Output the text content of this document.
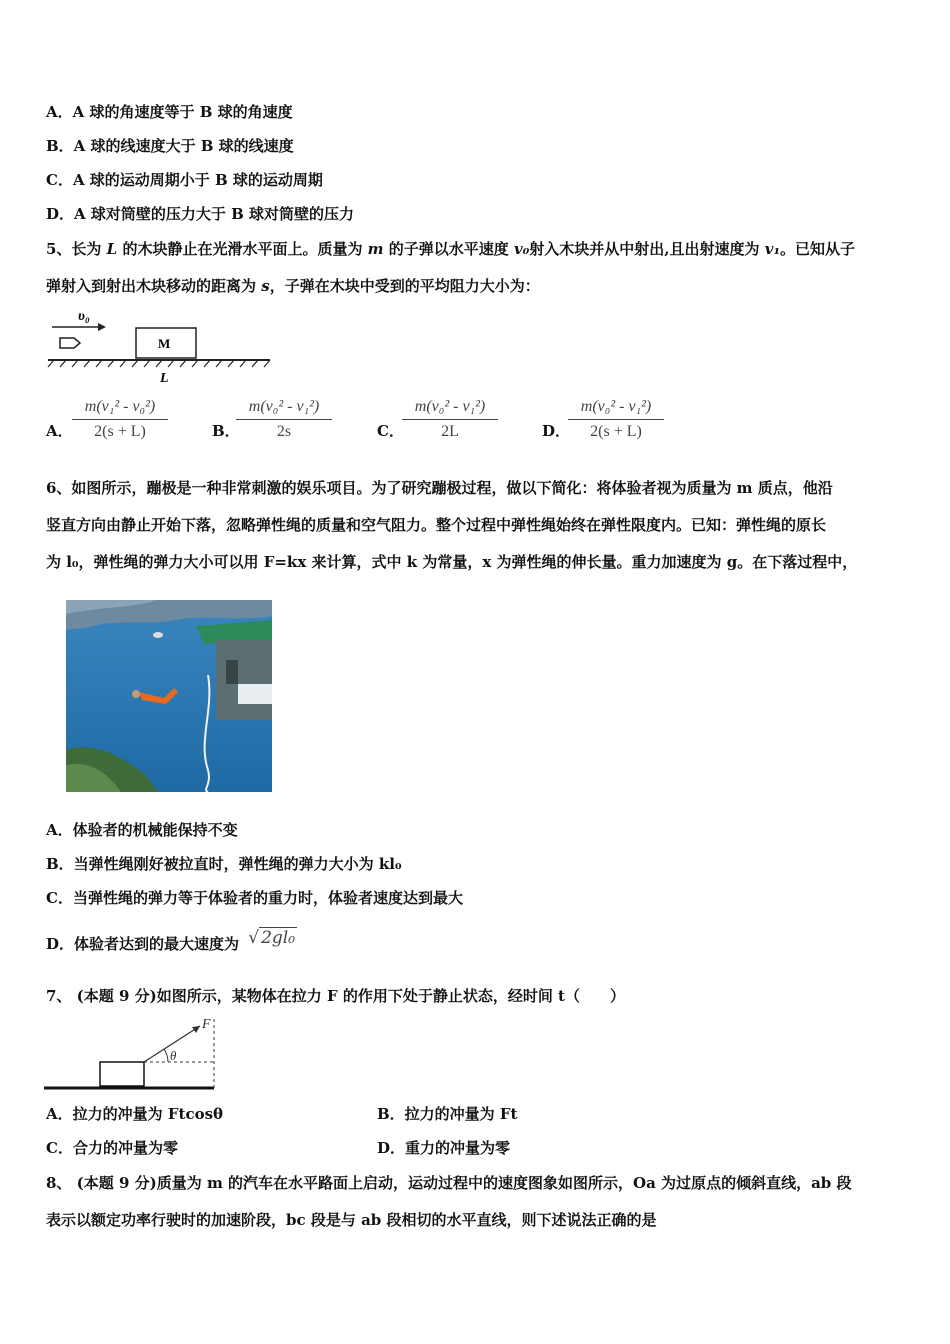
A．A 球的角速度等于 B 球的角速度
B．A 球的线速度大于 B 球的线速度
C．A 球的运动周期小于 B 球的运动周期
D．A 球对筒壁的压力大于 B 球对筒壁的压力
5、长为 L 的木块静止在光滑水平面上。质量为 m 的子弹以水平速度 v₀射入木块并从中射出,且出射速度为 v₁。已知从子
弹射入到射出木块移动的距离为 s，子弹在木块中受到的平均阻力大小为：
υ₀
M
L
A．
m(v₁² - v₀²)
2(s + L)	B．
m(v₀² - v₁²)
2s	C．
m(v₀² - v₁²)
2L	D．
m(v₀² - v₁²)
2(s + L)
6、如图所示，蹦极是一种非常刺激的娱乐项目。为了研究蹦极过程，做以下简化：将体验者视为质量为 m 质点，他沿
竖直方向由静止开始下落，忽略弹性绳的质量和空气阻力。整个过程中弹性绳始终在弹性限度内。已知：弹性绳的原长
为 l₀，弹性绳的弹力大小可以用 F=kx 来计算，式中 k 为常量，x 为弹性绳的伸长量。重力加速度为 g。在下落过程中，
A．体验者的机械能保持不变
B．当弹性绳刚好被拉直时，弹性绳的弹力大小为 kl₀
C．当弹性绳的弹力等于体验者的重力时，体验者速度达到最大
D．体验者达到的最大速度为 √ 2gl₀
7、 (本题 9 分)如图所示，某物体在拉力 F 的作用下处于静止状态，经时间 t（　　）
θ
F
A．拉力的冲量为 Ftcosθ	B．拉力的冲量为 Ft
C．合力的冲量为零	D．重力的冲量为零
8、 (本题 9 分)质量为 m 的汽车在水平路面上启动，运动过程中的速度图象如图所示，Oa 为过原点的倾斜直线，ab 段
表示以额定功率行驶时的加速阶段，bc 段是与 ab 段相切的水平直线，则下述说法正确的是
